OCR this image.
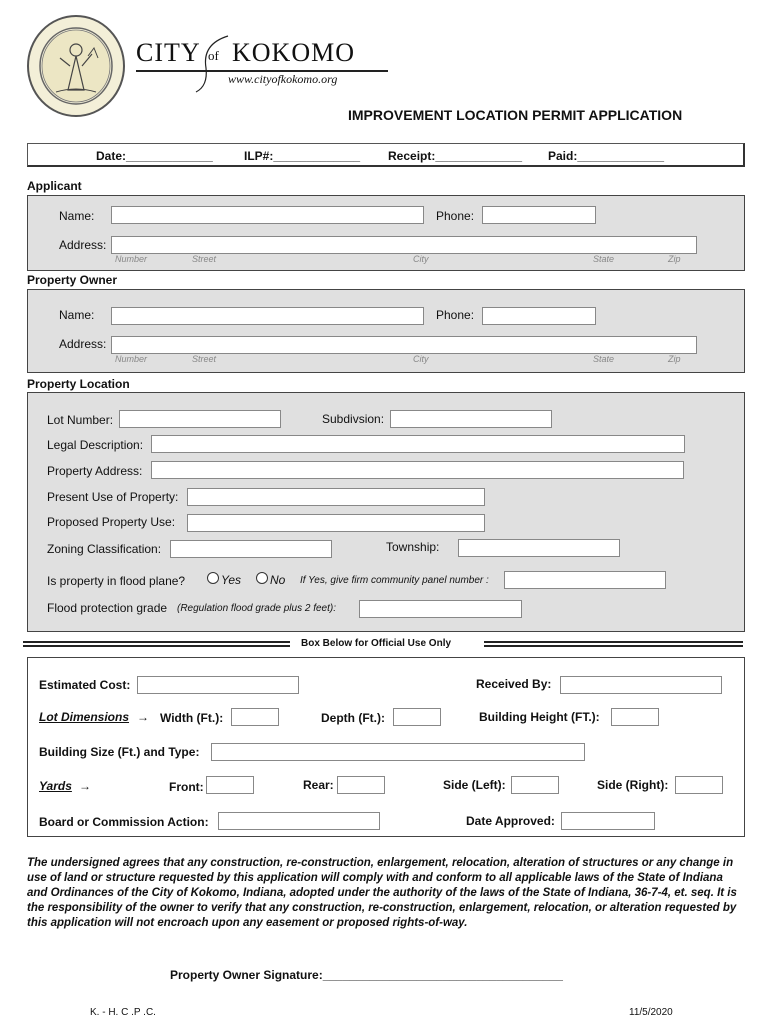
CITY of KOKOMO
www.cityofkokomo.org
IMPROVEMENT LOCATION PERMIT APPLICATION
Date:_____________	ILP#:_____________ Receipt:_____________ Paid:_____________
Applicant
Name:	Phone:
Address:
Number	Street	City	State	Zip
Property Owner
Name:	Phone:
Address:
Number	Street	City	State	Zip
Property Location
Lot Number:	Subdivsion:
Legal Description:
Property Address:
Present Use of Property:
Proposed Property Use:
Zoning Classification:	Township:
Is property in flood plane?	Yes No If Yes, give firm community panel number :
Flood protection grade (Regulation flood grade plus 2 feet):
Box Below for Official Use Only
Estimated Cost:	Received By:
Lot Dimensions → Width (Ft.):	Depth (Ft.):	Building Height (FT.):
Building Size (Ft.) and Type:
Yards →	Front:	Rear:	Side (Left):	Side (Right):
Board or Commission Action:	Date Approved:
The undersigned agrees that any construction, re-construction, enlargement, relocation, alteration of structures or any change in use of land or structure requested by this application will comply with and conform to all applicable laws of the State of Indiana and Ordinances of the City of Kokomo, Indiana, adopted under the authority of the laws of the State of Indiana, 36-7-4, et. seq. It is the responsibility of the owner to verify that any construction, re-construction, enlargement, relocation, or alteration requested by this application will not encroach upon any easement or proposed rights-of-way.
Property Owner Signature:____________________________________
K. - H. C .P .C.	11/5/2020
